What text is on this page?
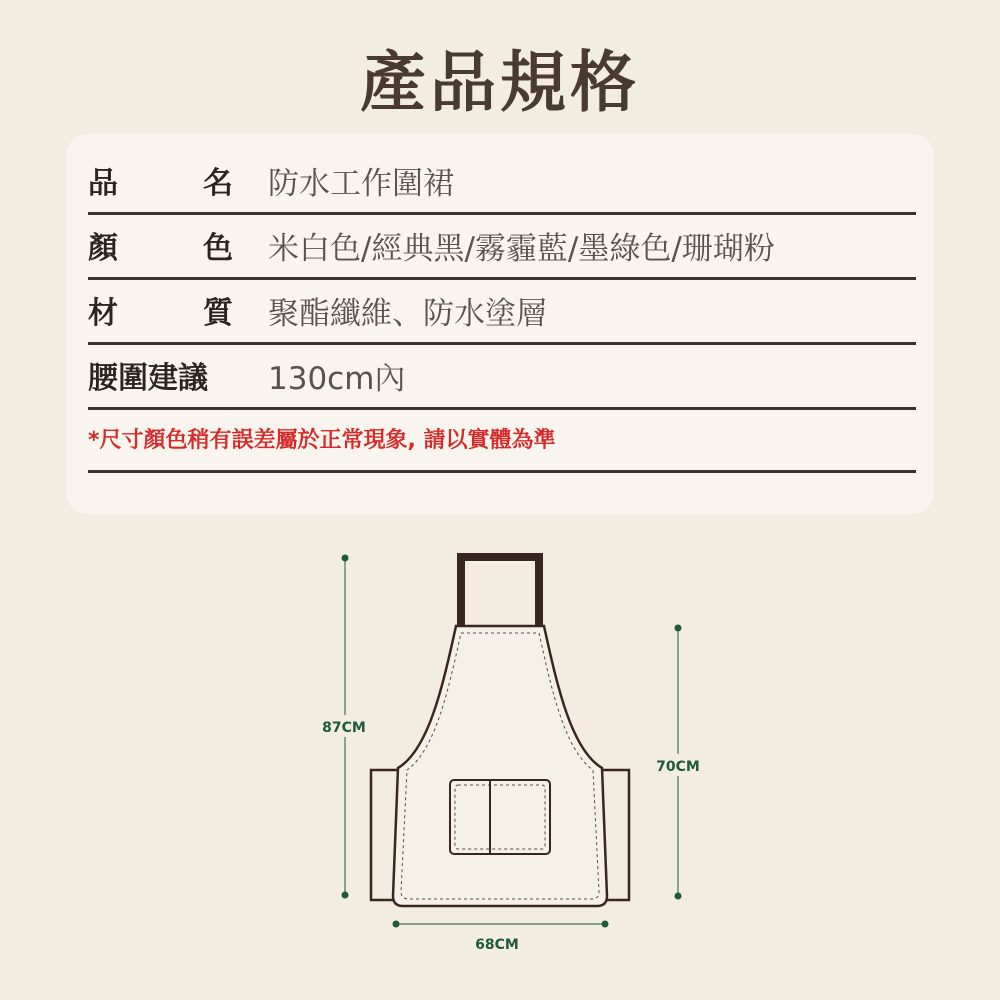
產品規格
品	名 防水工作圍裙
顏	色 米白色/經典黑/霧霾藍/墨綠色/珊瑚粉
材	質 聚酯纖維、防水塗層
腰圍建議 130cm內
*尺寸顏色稍有誤差屬於正常現象, 請以實體為準
87CM
70CM
68CM
